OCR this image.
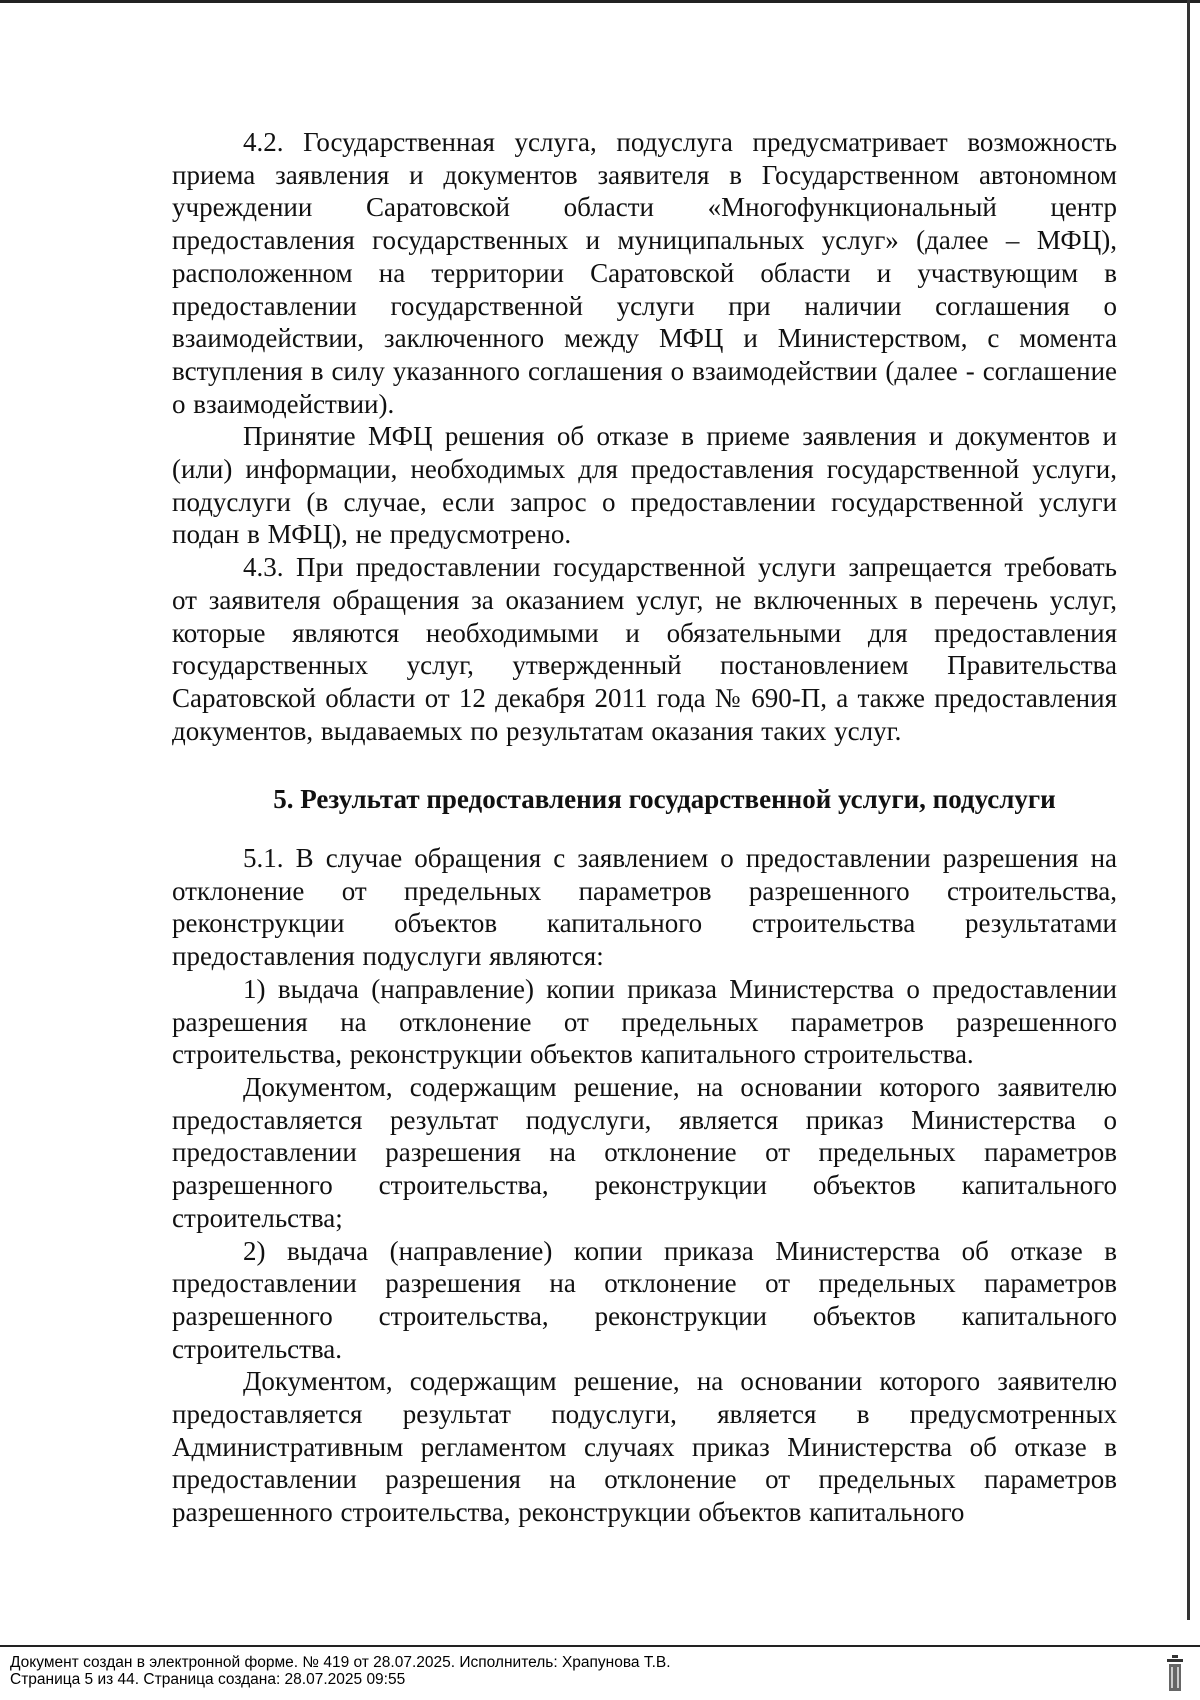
4.2. Государственная услуга, подуслуга предусматривает возможность приема заявления и документов заявителя в Государственном автономном учреждении Саратовской области «Многофункциональный центр предоставления государственных и муниципальных услуг» (далее – МФЦ), расположенном на территории Саратовской области и участвующим в предоставлении государственной услуги при наличии соглашения о взаимодействии, заключенного между МФЦ и Министерством, с момента вступления в силу указанного соглашения о взаимодействии (далее - соглашение о взаимодействии).

Принятие МФЦ решения об отказе в приеме заявления и документов и (или) информации, необходимых для предоставления государственной услуги, подуслуги (в случае, если запрос о предоставлении государственной услуги подан в МФЦ), не предусмотрено.

4.3. При предоставлении государственной услуги запрещается требовать от заявителя обращения за оказанием услуг, не включенных в перечень услуг, которые являются необходимыми и обязательными для предоставления государственных услуг, утвержденный постановлением Правительства Саратовской области от 12 декабря 2011 года № 690-П, а также предоставления документов, выдаваемых по результатам оказания таких услуг.

5. Результат предоставления государственной услуги, подуслуги

5.1. В случае обращения с заявлением о предоставлении разрешения на отклонение от предельных параметров разрешенного строительства, реконструкции объектов капитального строительства результатами предоставления подуслуги являются:

1) выдача (направление) копии приказа Министерства о предоставлении разрешения на отклонение от предельных параметров разрешенного строительства, реконструкции объектов капитального строительства.

Документом, содержащим решение, на основании которого заявителю предоставляется результат подуслуги, является приказ Министерства о предоставлении разрешения на отклонение от предельных параметров разрешенного строительства, реконструкции объектов капитального строительства;

2) выдача (направление) копии приказа Министерства об отказе в предоставлении разрешения на отклонение от предельных параметров разрешенного строительства, реконструкции объектов капитального строительства.

Документом, содержащим решение, на основании которого заявителю предоставляется результат подуслуги, является в предусмотренных Административным регламентом случаях приказ Министерства об отказе в предоставлении разрешения на отклонение от предельных параметров разрешенного строительства, реконструкции объектов капитального

Документ создан в электронной форме. № 419 от 28.07.2025. Исполнитель: Храпунова Т.В.
Страница 5 из 44. Страница создана: 28.07.2025 09:55
